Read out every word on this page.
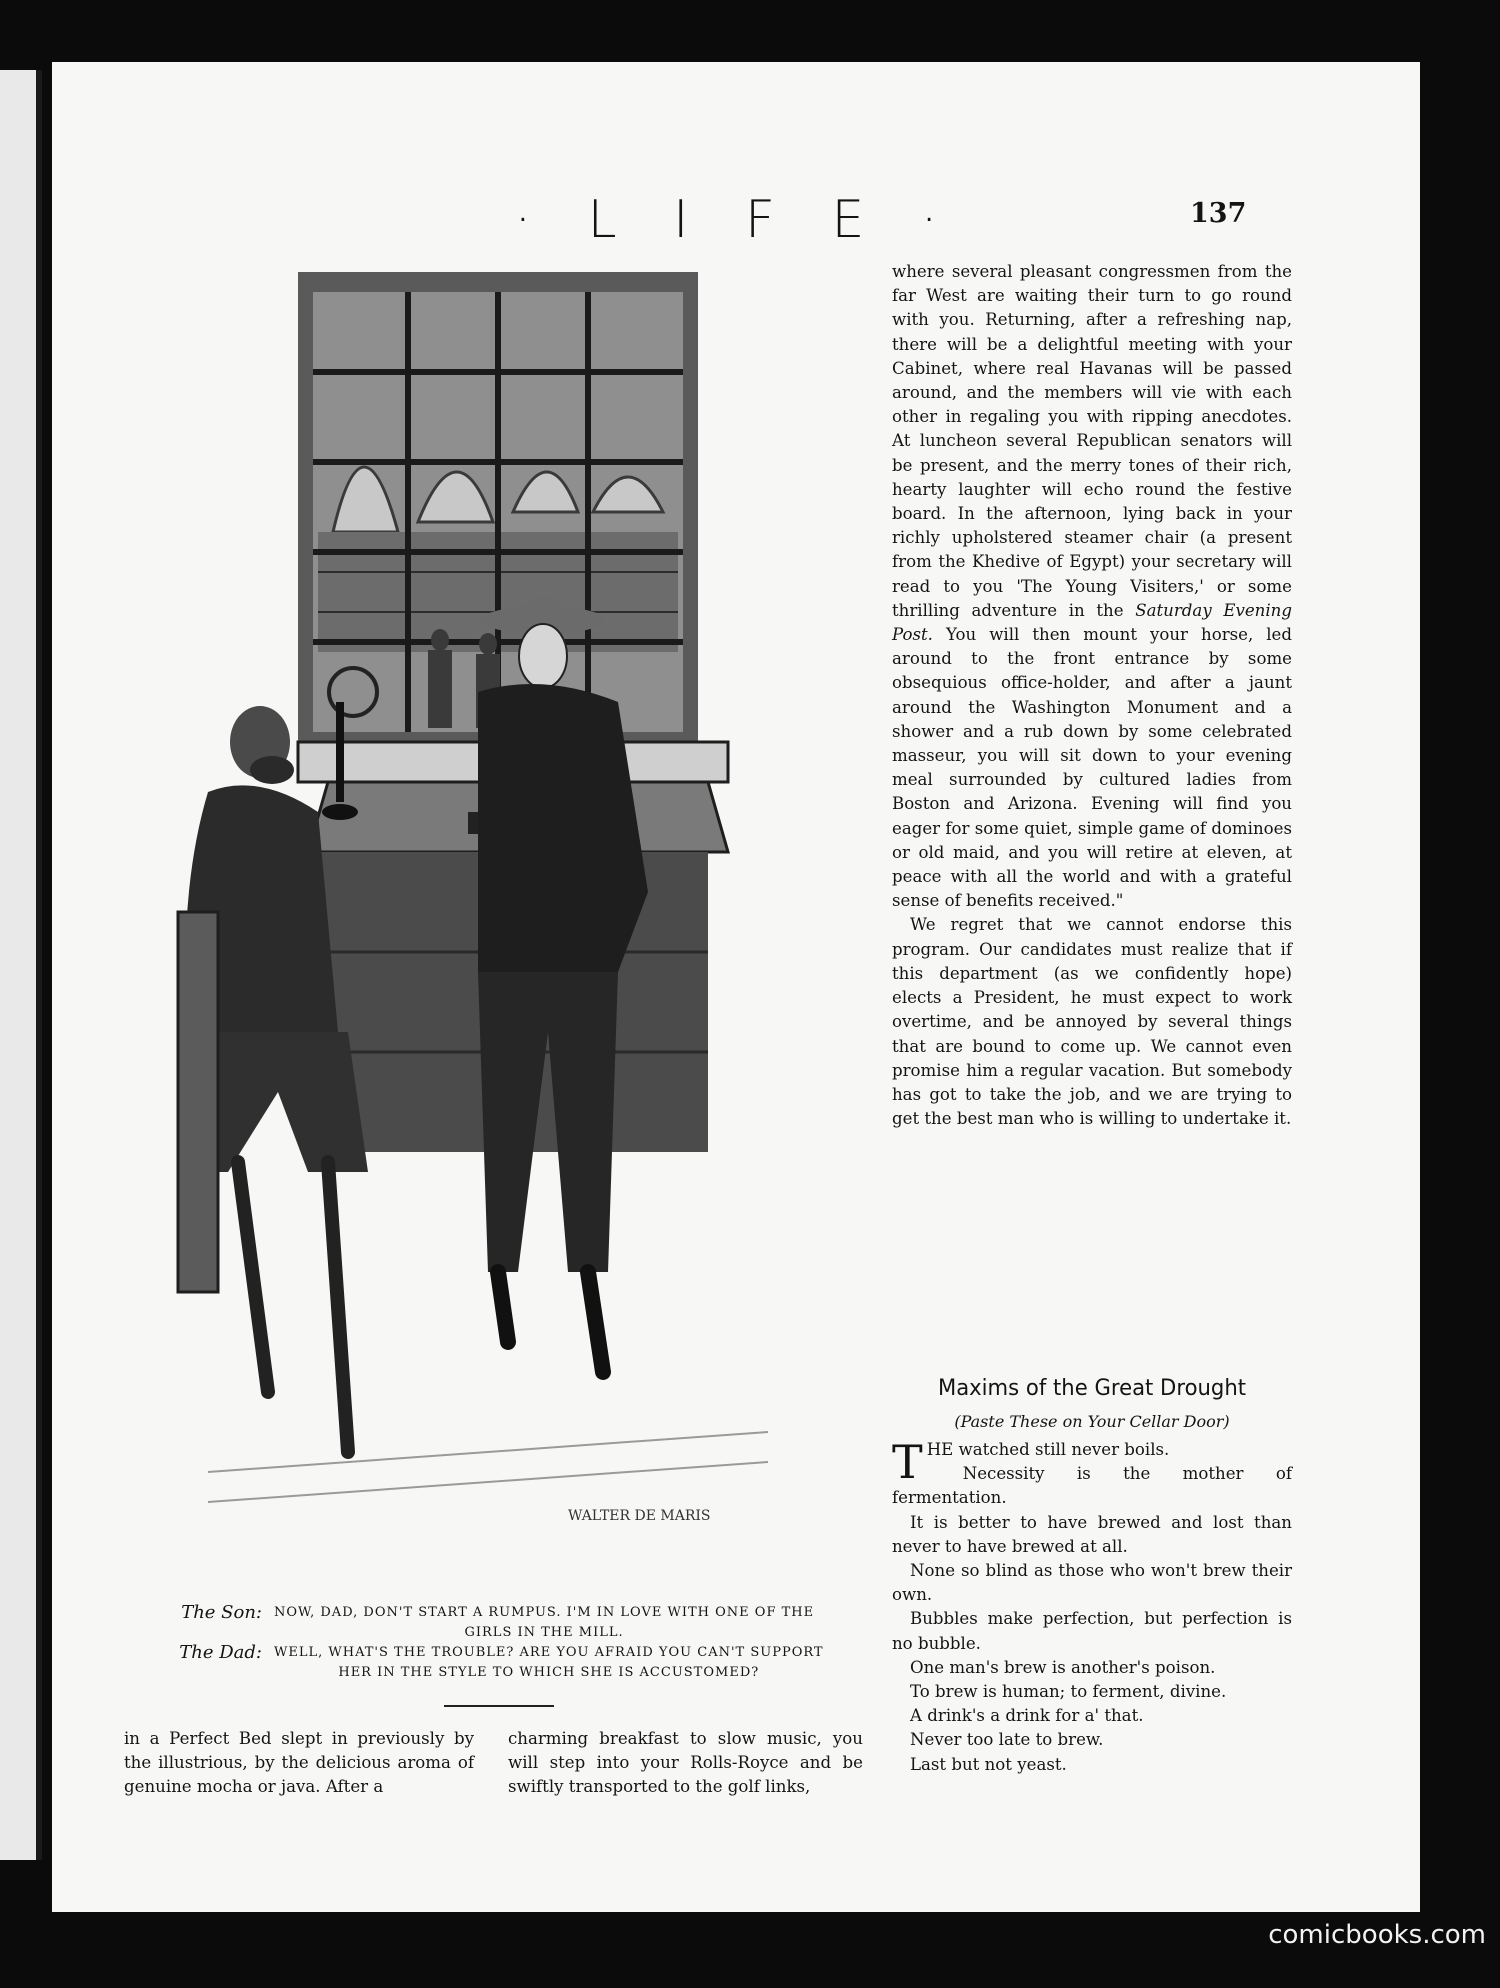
· L I F E ·	137
WALTER DE MARIS
The Son: NOW, DAD, DON'T START A RUMPUS. I'M IN LOVE WITH ONE OF THE
GIRLS IN THE MILL.
The Dad: WELL, WHAT'S THE TROUBLE? ARE YOU AFRAID YOU CAN'T SUPPORT
HER IN THE STYLE TO WHICH SHE IS ACCUSTOMED?
in a Perfect Bed slept in previously by the illustrious, by the delicious aroma of genuine mocha or java. After a
charming breakfast to slow music, you will step into your Rolls-Royce and be swiftly transported to the golf links,

where several pleasant congressmen from the far West are waiting their turn to go round with you. Returning, after a refreshing nap, there will be a delightful meeting with your Cabinet, where real Havanas will be passed around, and the members will vie with each other in regaling you with ripping anecdotes. At luncheon several Republican senators will be present, and the merry tones of their rich, hearty laughter will echo round the festive board. In the afternoon, lying back in your richly upholstered steamer chair (a present from the Khedive of Egypt) your secretary will read to you 'The Young Visiters,' or some thrilling adventure in the Saturday Evening Post. You will then mount your horse, led around to the front entrance by some obsequious office-holder, and after a jaunt around the Washington Monument and a shower and a rub down by some celebrated masseur, you will sit down to your evening meal surrounded by cultured ladies from Boston and Arizona. Evening will find you eager for some quiet, simple game of dominoes or old maid, and you will retire at eleven, at peace with all the world and with a grateful sense of benefits received."

We regret that we cannot endorse this program. Our candidates must realize that if this department (as we confidently hope) elects a President, he must expect to work overtime, and be annoyed by several things that are bound to come up. We cannot even promise him a regular vacation. But somebody has got to take the job, and we are trying to get the best man who is willing to undertake it.

Maxims of the Great Drought
(Paste These on Your Cellar Door)

THE watched still never boils.

Necessity is the mother of fermentation.

It is better to have brewed and lost than never to have brewed at all.

None so blind as those who won't brew their own.

Bubbles make perfection, but perfection is no bubble.

One man's brew is another's poison.

To brew is human; to ferment, divine.

A drink's a drink for a' that.

Never too late to brew.

Last but not yeast.

comicbooks.com
